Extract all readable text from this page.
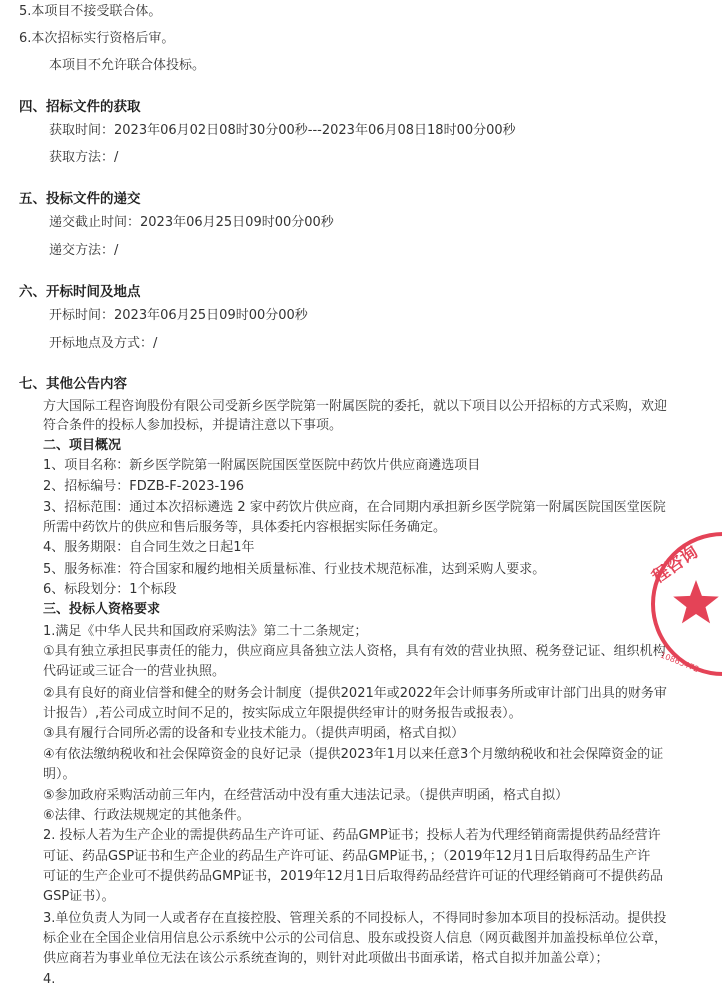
5.本项目不接受联合体。
6.本次招标实行资格后审。
本项目不允许联合体投标。
四、招标文件的获取
获取时间：2023年06月02日08时30分00秒---2023年06月08日18时00分00秒
获取方法：/
五、投标文件的递交
递交截止时间：2023年06月25日09时00分00秒
递交方法：/
六、开标时间及地点
开标时间：2023年06月25日09时00分00秒
开标地点及方式：/
七、其他公告内容
方大国际工程咨询股份有限公司受新乡医学院第一附属医院的委托，就以下项目以公开招标的方式采购，欢迎
符合条件的投标人参加投标，并提请注意以下事项。
二、项目概况
1、项目名称：新乡医学院第一附属医院国医堂医院中药饮片供应商遴选项目
2、招标编号：FDZB-F-2023-196
3、招标范围：通过本次招标遴选 2 家中药饮片供应商，在合同期内承担新乡医学院第一附属医院国医堂医院
所需中药饮片的供应和售后服务等，具体委托内容根据实际任务确定。
4、服务期限：自合同生效之日起1年
5、服务标准：符合国家和履约地相关质量标准、行业技术规范标准，达到采购人要求。
6、标段划分：1个标段
三、投标人资格要求
1.满足《中华人民共和国政府采购法》第二十二条规定；
①具有独立承担民事责任的能力，供应商应具备独立法人资格，具有有效的营业执照、税务登记证、组织机构
代码证或三证合一的营业执照。
②具有良好的商业信誉和健全的财务会计制度（提供2021年或2022年会计师事务所或审计部门出具的财务审
计报告）,若公司成立时间不足的，按实际成立年限提供经审计的财务报告或报表）。
③具有履行合同所必需的设备和专业技术能力。（提供声明函，格式自拟）
④有依法缴纳税收和社会保障资金的良好记录（提供2023年1月以来任意3个月缴纳税收和社会保障资金的证
明）。
⑤参加政府采购活动前三年内，在经营活动中没有重大违法记录。（提供声明函，格式自拟）
⑥法律、行政法规规定的其他条件。
2. 投标人若为生产企业的需提供药品生产许可证、药品GMP证书；投标人若为代理经销商需提供药品经营许
可证、药品GSP证书和生产企业的药品生产许可证、药品GMP证书，；（2019年12月1日后取得药品生产许
可证的生产企业可不提供药品GMP证书，2019年12月1日后取得药品经营许可证的代理经销商可不提供药品
GSP证书）。
3.单位负责人为同一人或者存在直接控股、管理关系的不同投标人，不得同时参加本项目的投标活动。提供投
标企业在全国企业信用信息公示系统中公示的公司信息、股东或投资人信息（网页截图并加盖投标单位公章，
供应商若为事业单位无法在该公示系统查询的，则针对此项做出书面承诺，格式自拟并加盖公章）；
4.
程咨询
10863472
